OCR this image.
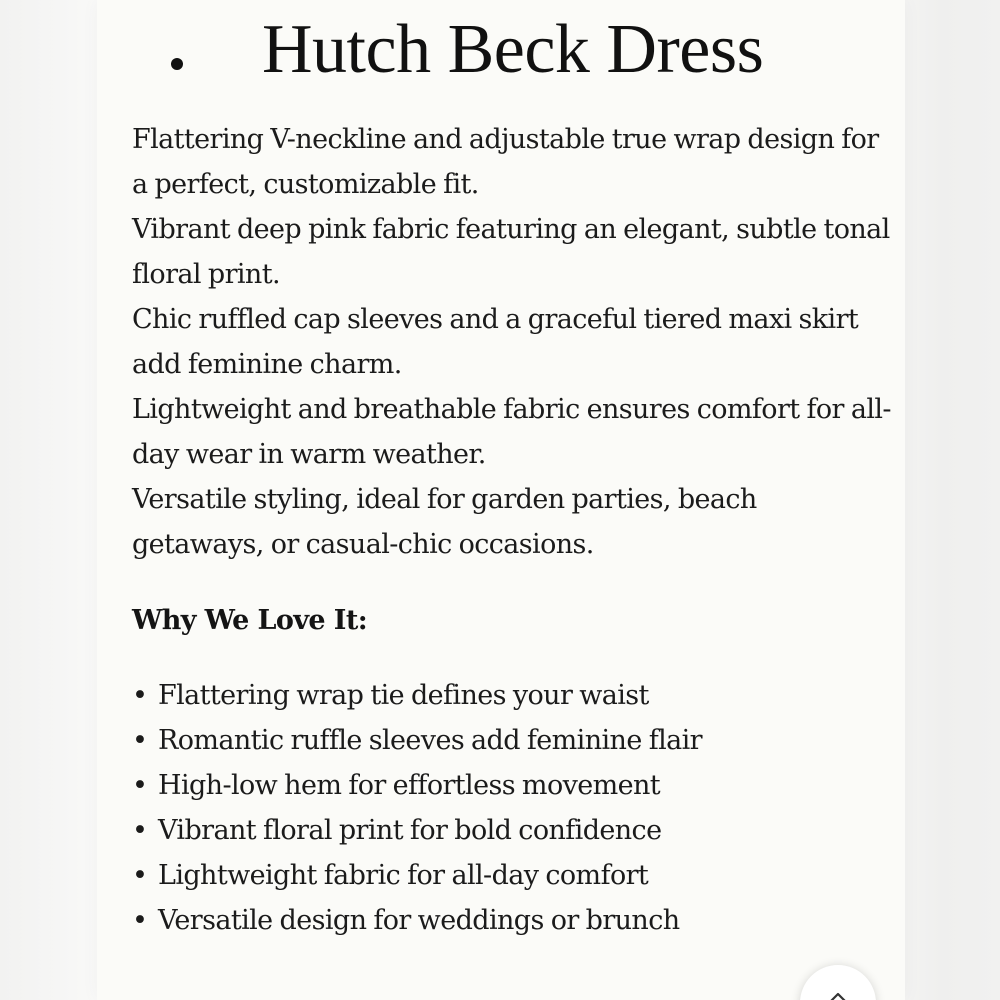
Hutch Beck Dress
Flattering V-neckline and adjustable true wrap design for a perfect, customizable fit.
Vibrant deep pink fabric featuring an elegant, subtle tonal floral print.
Chic ruffled cap sleeves and a graceful tiered maxi skirt add feminine charm.
Lightweight and breathable fabric ensures comfort for all-day wear in warm weather.
Versatile styling, ideal for garden parties, beach getaways, or casual-chic occasions.
Why We Love It:
• Flattering wrap tie defines your waist
• Romantic ruffle sleeves add feminine flair
• High-low hem for effortless movement
• Vibrant floral print for bold confidence
• Lightweight fabric for all-day comfort
• Versatile design for weddings or brunch
